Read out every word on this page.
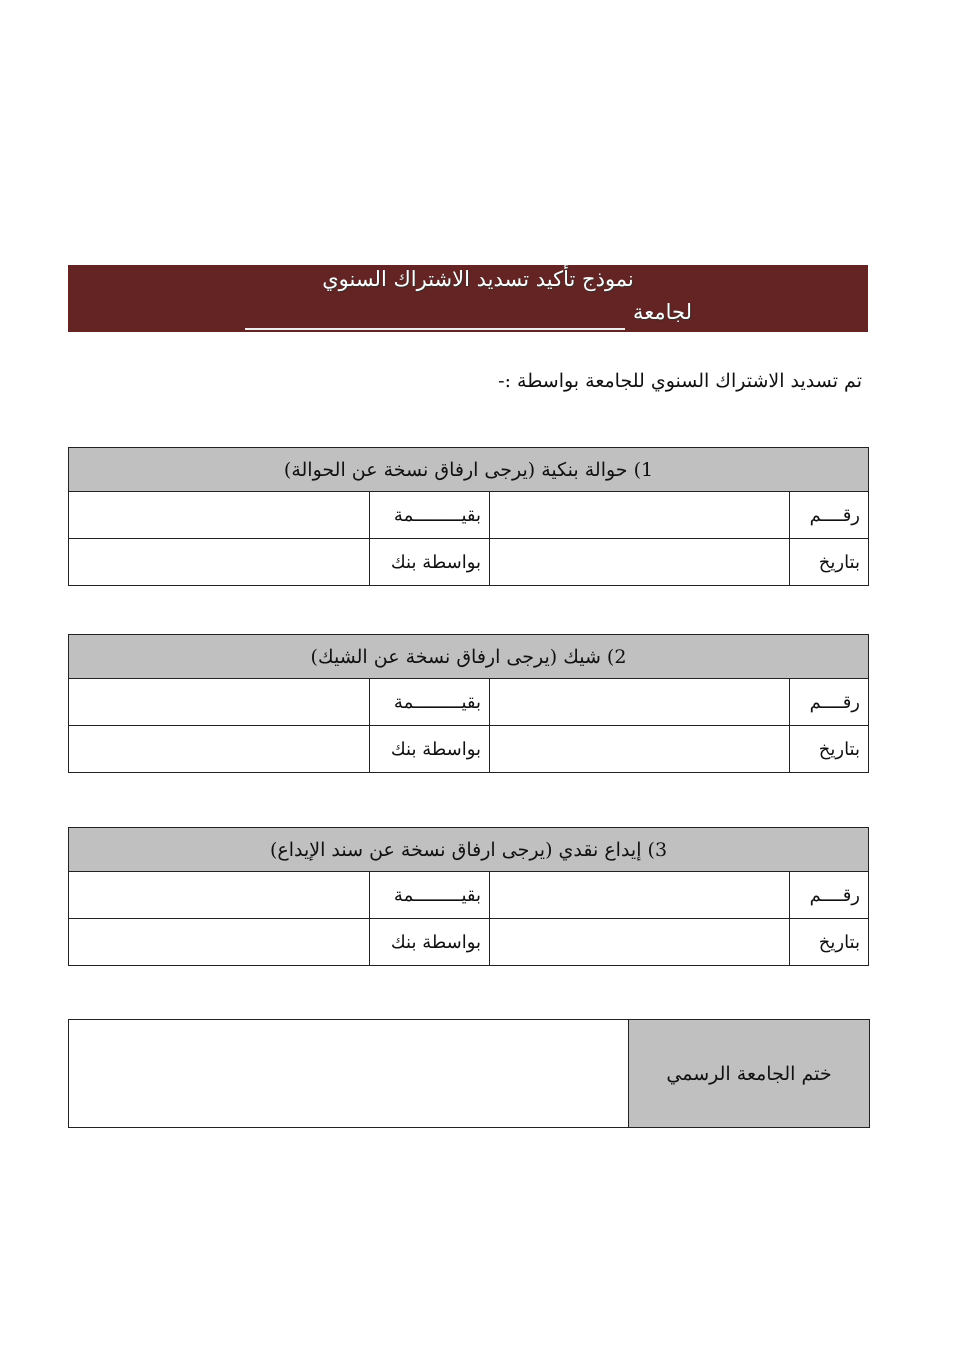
نموذج تأكيد تسديد الاشتراك السنوي
لجامعة
تم تسديد الاشتراك السنوي للجامعة بواسطة :-
1) حوالة بنكية (يرجى ارفاق نسخة عن الحوالة)			
رقــــم		بقيـــــــــمة	
بتاريخ		بواسطة بنك	
2) شيك (يرجى ارفاق نسخة عن الشيك)			
رقــــم		بقيـــــــــمة	
بتاريخ		بواسطة بنك	
3) إيداع نقدي (يرجى ارفاق نسخة عن سند الإيداع)			
رقــــم		بقيـــــــــمة	
بتاريخ		بواسطة بنك	
ختم الجامعة الرسمي
